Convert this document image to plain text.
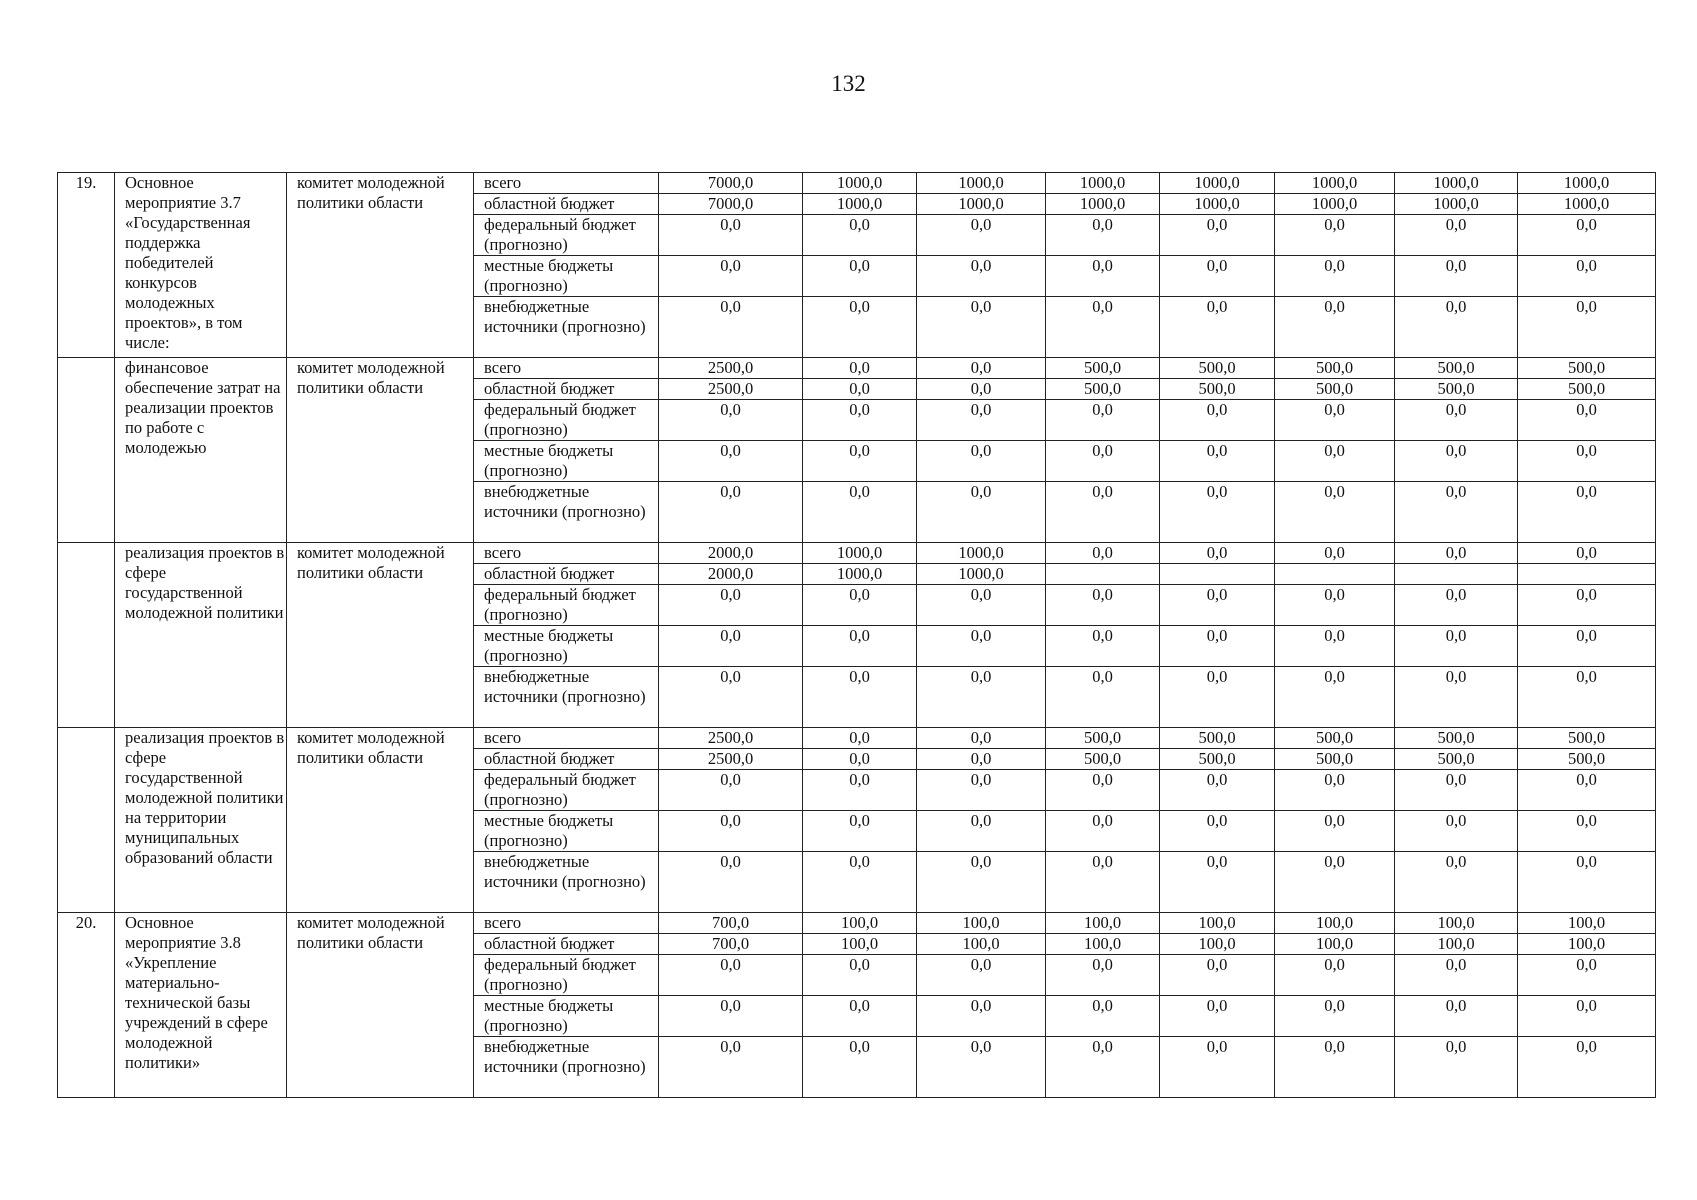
132
19.	Основное мероприятие 3.7 «Государственная поддержка победителей конкурсов молодежных проектов», в том числе:	комитет молодежной политики области	всего	7000,0	1000,0	1000,0	1000,0	1000,0	1000,0	1000,0	1000,0
			областной бюджет	7000,0	1000,0	1000,0	1000,0	1000,0	1000,0	1000,0	1000,0
			федеральный бюджет (прогнозно)	0,0	0,0	0,0	0,0	0,0	0,0	0,0	0,0
			местные бюджеты (прогнозно)	0,0	0,0	0,0	0,0	0,0	0,0	0,0	0,0
			внебюджетные источники (прогнозно)	0,0	0,0	0,0	0,0	0,0	0,0	0,0	0,0
	финансовое обеспечение затрат на реализации проектов по работе с молодежью	комитет молодежной политики области	всего	2500,0	0,0	0,0	500,0	500,0	500,0	500,0	500,0
			областной бюджет	2500,0	0,0	0,0	500,0	500,0	500,0	500,0	500,0
			федеральный бюджет (прогнозно)	0,0	0,0	0,0	0,0	0,0	0,0	0,0	0,0
			местные бюджеты (прогнозно)	0,0	0,0	0,0	0,0	0,0	0,0	0,0	0,0
			внебюджетные источники (прогнозно)	0,0	0,0	0,0	0,0	0,0	0,0	0,0	0,0
	реализация проектов в сфере государственной молодежной политики	комитет молодежной политики области	всего	2000,0	1000,0	1000,0	0,0	0,0	0,0	0,0	0,0
			областной бюджет	2000,0	1000,0	1000,0					
			федеральный бюджет (прогнозно)	0,0	0,0	0,0	0,0	0,0	0,0	0,0	0,0
			местные бюджеты (прогнозно)	0,0	0,0	0,0	0,0	0,0	0,0	0,0	0,0
			внебюджетные источники (прогнозно)	0,0	0,0	0,0	0,0	0,0	0,0	0,0	0,0
	реализация проектов в сфере государственной молодежной политики на территории муниципальных образований области	комитет молодежной политики области	всего	2500,0	0,0	0,0	500,0	500,0	500,0	500,0	500,0
			областной бюджет	2500,0	0,0	0,0	500,0	500,0	500,0	500,0	500,0
			федеральный бюджет (прогнозно)	0,0	0,0	0,0	0,0	0,0	0,0	0,0	0,0
			местные бюджеты (прогнозно)	0,0	0,0	0,0	0,0	0,0	0,0	0,0	0,0
			внебюджетные источники (прогнозно)	0,0	0,0	0,0	0,0	0,0	0,0	0,0	0,0
20.	Основное мероприятие 3.8 «Укрепление материально-технической базы учреждений в сфере молодежной политики»	комитет молодежной политики области	всего	700,0	100,0	100,0	100,0	100,0	100,0	100,0	100,0
			областной бюджет	700,0	100,0	100,0	100,0	100,0	100,0	100,0	100,0
			федеральный бюджет (прогнозно)	0,0	0,0	0,0	0,0	0,0	0,0	0,0	0,0
			местные бюджеты (прогнозно)	0,0	0,0	0,0	0,0	0,0	0,0	0,0	0,0
			внебюджетные источники (прогнозно)	0,0	0,0	0,0	0,0	0,0	0,0	0,0	0,0
